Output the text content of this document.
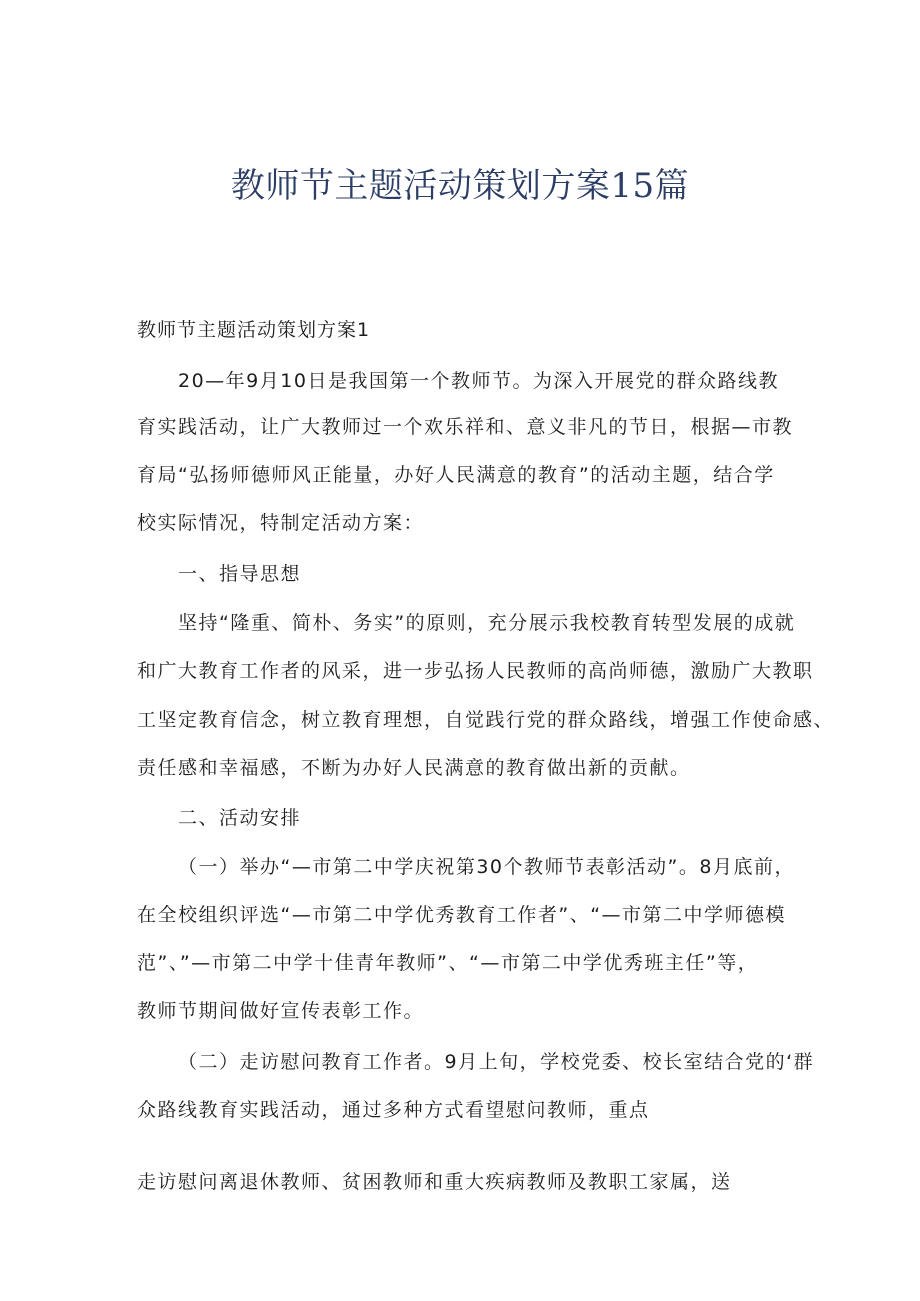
教师节主题活动策划方案15篇
教师节主题活动策划方案1
20—年9月10日是我国第一个教师节。为深入开展党的群众路线教
育实践活动，让广大教师过一个欢乐祥和、意义非凡的节日，根据—市教
育局“弘扬师德师风正能量，办好人民满意的教育”的活动主题，结合学
校实际情况，特制定活动方案：
一、指导思想
坚持“隆重、简朴、务实”的原则，充分展示我校教育转型发展的成就
和广大教育工作者的风采，进一步弘扬人民教师的高尚师德，激励广大教职
工坚定教育信念，树立教育理想，自觉践行党的群众路线，增强工作使命感、
责任感和幸福感，不断为办好人民满意的教育做出新的贡献。
二、活动安排
（一）举办“—市第二中学庆祝第30个教师节表彰活动”。8月底前，
在全校组织评选“—市第二中学优秀教育工作者”、“—市第二中学师德模
范”、”—市第二中学十佳青年教师”、“—市第二中学优秀班主任”等，
教师节期间做好宣传表彰工作。
（二）走访慰问教育工作者。9月上旬，学校党委、校长室结合党的‘群
众路线教育实践活动，通过多种方式看望慰问教师，重点
走访慰问离退休教师、贫困教师和重大疾病教师及教职工家属，送
